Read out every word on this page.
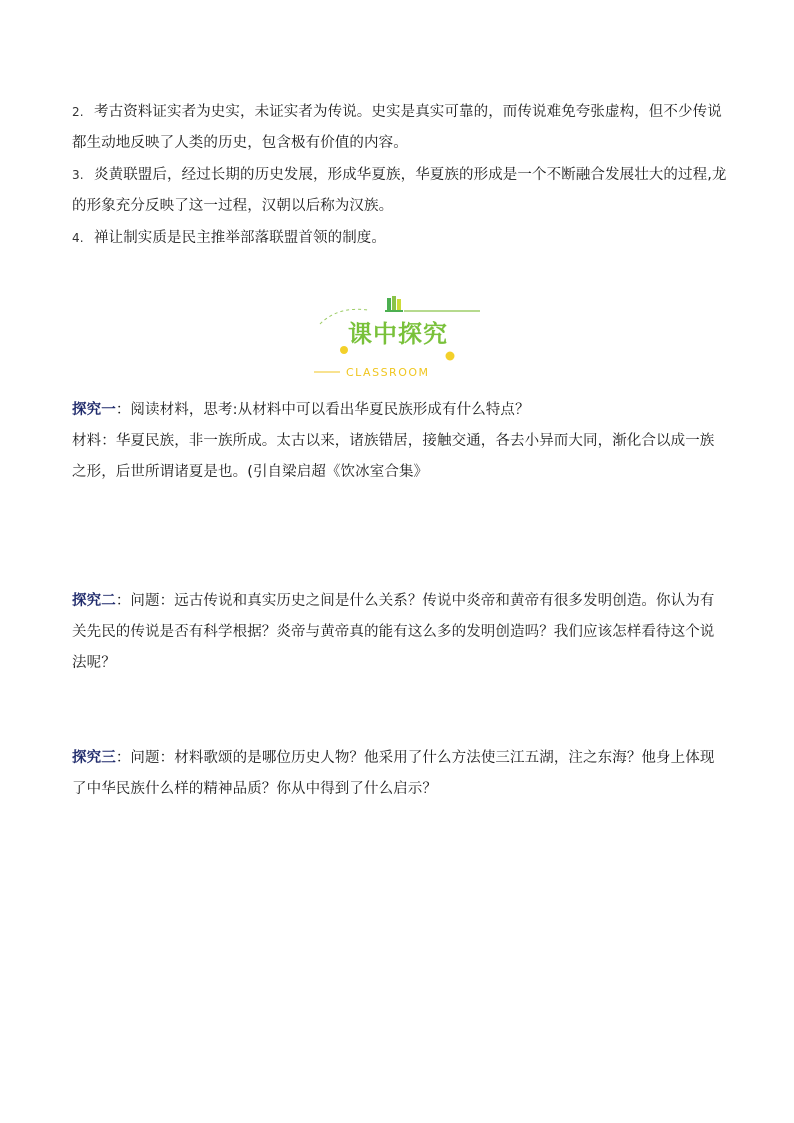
2. 考古资料证实者为史实，未证实者为传说。史实是真实可靠的，而传说难免夸张虚构，但不少传说都生动地反映了人类的历史，包含极有价值的内容。
3. 炎黄联盟后，经过长期的历史发展，形成华夏族，华夏族的形成是一个不断融合发展壮大的过程,龙的形象充分反映了这一过程，汉朝以后称为汉族。
4. 禅让制实质是民主推举部落联盟首领的制度。
课中探究
CLASSROOM
探究一：阅读材料，思考:从材料中可以看出华夏民族形成有什么特点？
材料：华夏民族，非一族所成。太古以来，诸族错居，接触交通，各去小异而大同，渐化合以成一族之形，后世所谓诸夏是也。(引自梁启超《饮冰室合集》
探究二：问题：远古传说和真实历史之间是什么关系？传说中炎帝和黄帝有很多发明创造。你认为有关先民的传说是否有科学根据？炎帝与黄帝真的能有这么多的发明创造吗？我们应该怎样看待这个说法呢？
探究三：问题：材料歌颂的是哪位历史人物？他采用了什么方法使三江五湖，注之东海？他身上体现了中华民族什么样的精神品质？你从中得到了什么启示？
